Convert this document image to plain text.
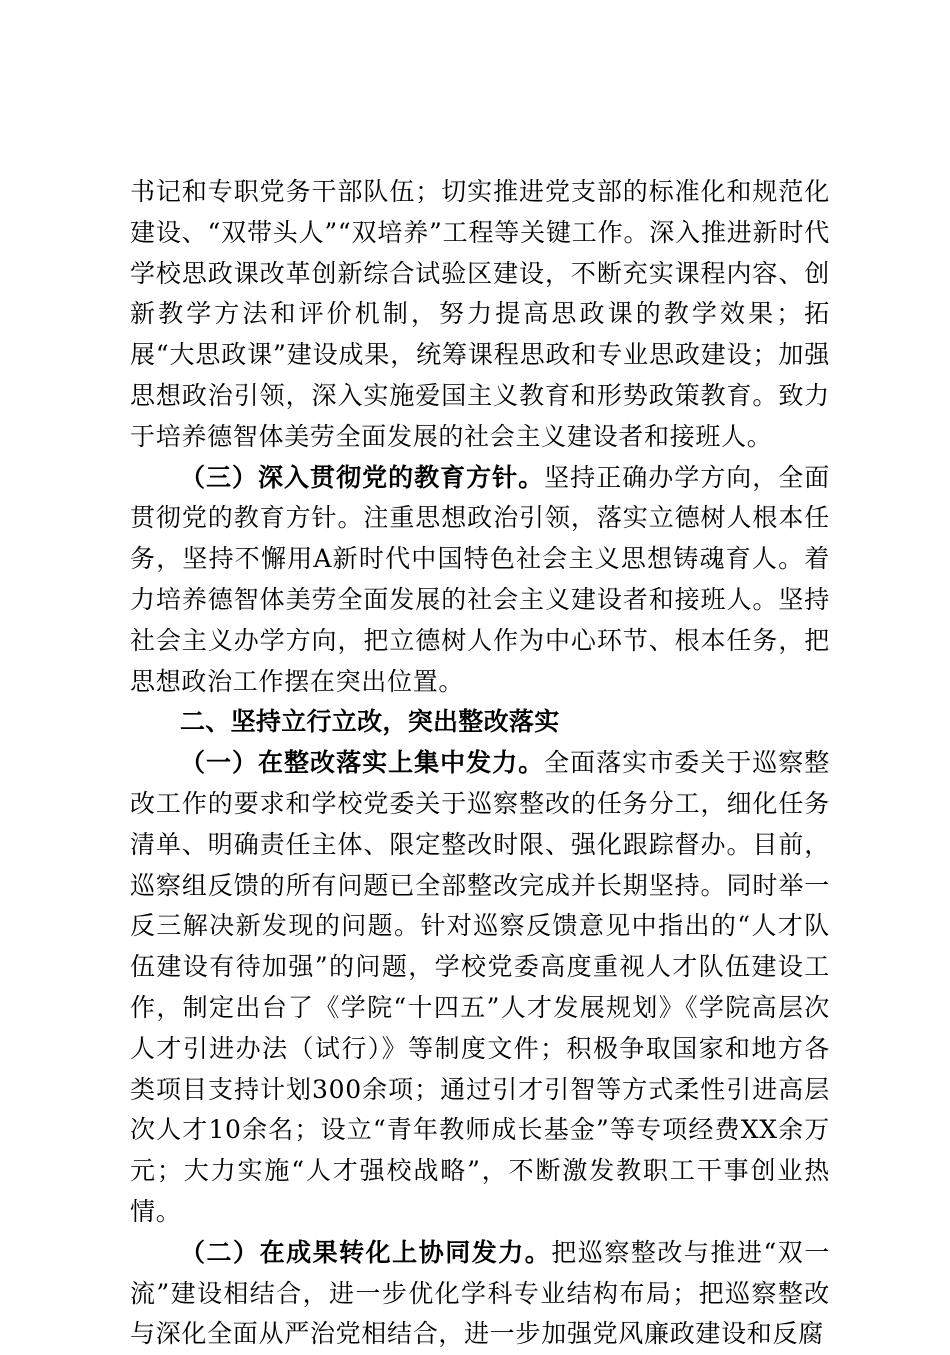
书记和专职党务干部队伍；切实推进党支部的标准化和规范化建设、“双带头人”“双培养”工程等关键工作。深入推进新时代学校思政课改革创新综合试验区建设，不断充实课程内容、创新教学方法和评价机制，努力提高思政课的教学效果；拓展“大思政课”建设成果，统筹课程思政和专业思政建设；加强思想政治引领，深入实施爱国主义教育和形势政策教育。致力于培养德智体美劳全面发展的社会主义建设者和接班人。

（三）深入贯彻党的教育方针。坚持正确办学方向，全面贯彻党的教育方针。注重思想政治引领，落实立德树人根本任务，坚持不懈用A新时代中国特色社会主义思想铸魂育人。着力培养德智体美劳全面发展的社会主义建设者和接班人。坚持社会主义办学方向，把立德树人作为中心环节、根本任务，把思想政治工作摆在突出位置。

二、坚持立行立改，突出整改落实

（一）在整改落实上集中发力。全面落实市委关于巡察整改工作的要求和学校党委关于巡察整改的任务分工，细化任务清单、明确责任主体、限定整改时限、强化跟踪督办。目前，巡察组反馈的所有问题已全部整改完成并长期坚持。同时举一反三解决新发现的问题。针对巡察反馈意见中指出的“人才队伍建设有待加强”的问题，学校党委高度重视人才队伍建设工作，制定出台了《学院“十四五”人才发展规划》《学院高层次人才引进办法（试行）》等制度文件；积极争取国家和地方各类项目支持计划300余项；通过引才引智等方式柔性引进高层次人才10余名；设立“青年教师成长基金”等专项经费XX余万元；大力实施“人才强校战略”，不断激发教职工干事创业热情。

（二）在成果转化上协同发力。把巡察整改与推进“双一流”建设相结合，进一步优化学科专业结构布局；把巡察整改与深化全面从严治党相结合，进一步加强党风廉政建设和反腐
